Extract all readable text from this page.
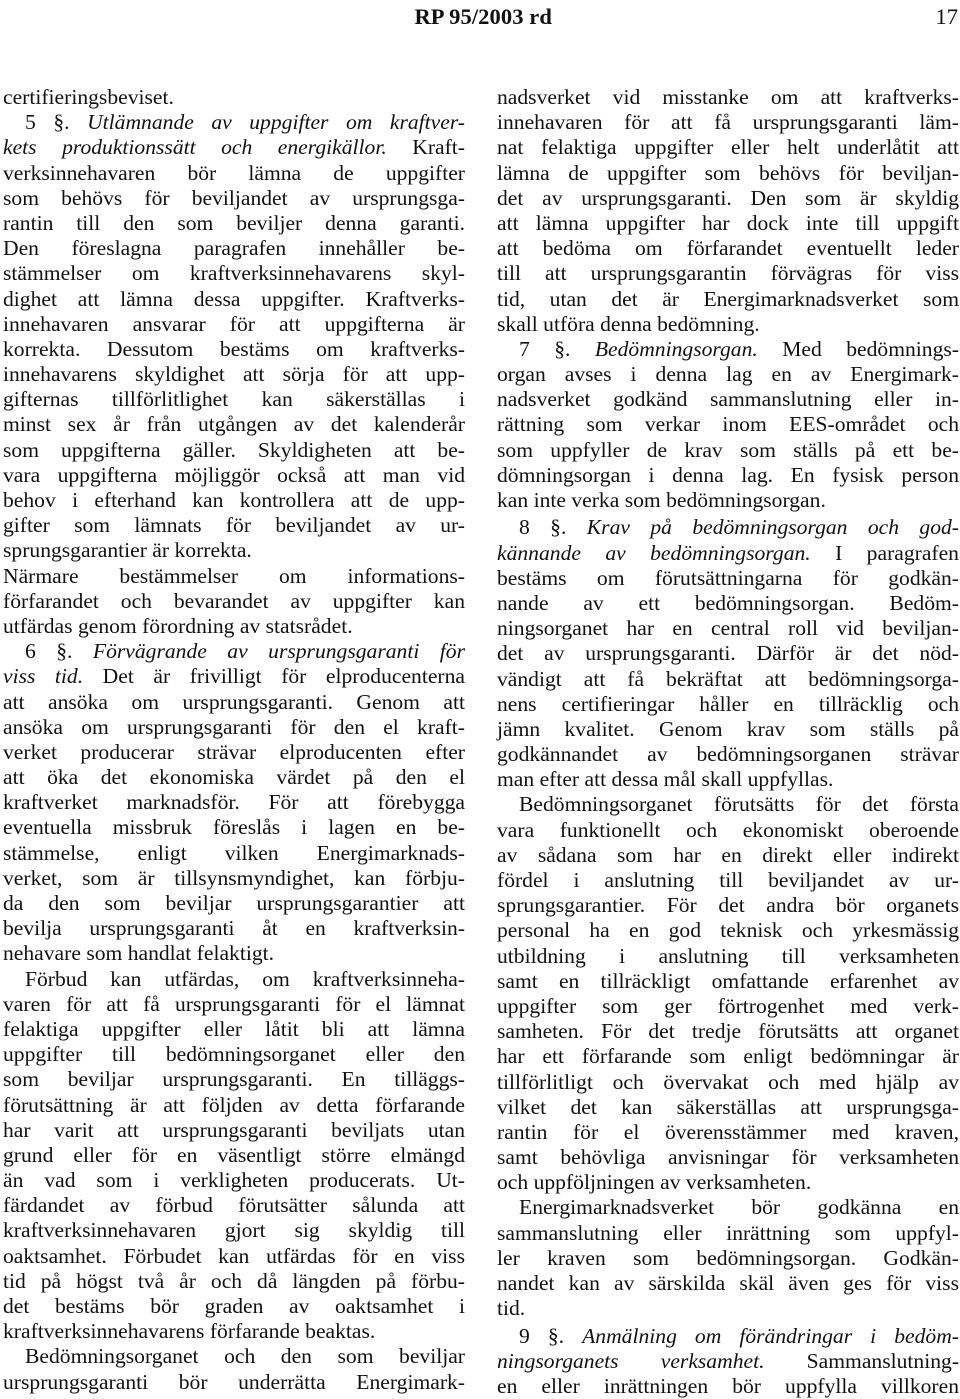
RP 95/2003 rd	17
certifieringsbeviset.
5 §. Utlämnande av uppgifter om kraftver-
kets produktionssätt och energikällor. Kraft-
verksinnehavaren bör lämna de uppgifter
som behövs för beviljandet av ursprungsga-
rantin till den som beviljer denna garanti.
Den föreslagna paragrafen innehåller be-
stämmelser om kraftverksinnehavarens skyl-
dighet att lämna dessa uppgifter. Kraftverks-
innehavaren ansvarar för att uppgifterna är
korrekta. Dessutom bestäms om kraftverks-
innehavarens skyldighet att sörja för att upp-
gifternas tillförlitlighet kan säkerställas i
minst sex år från utgången av det kalenderår
som uppgifterna gäller. Skyldigheten att be-
vara uppgifterna möjliggör också att man vid
behov i efterhand kan kontrollera att de upp-
gifter som lämnats för beviljandet av ur-
sprungsgarantier är korrekta.
Närmare bestämmelser om informations-
förfarandet och bevarandet av uppgifter kan
utfärdas genom förordning av statsrådet.
6 §. Förvägrande av ursprungsgaranti för
viss tid. Det är frivilligt för elproducenterna
att ansöka om ursprungsgaranti. Genom att
ansöka om ursprungsgaranti för den el kraft-
verket producerar strävar elproducenten efter
att öka det ekonomiska värdet på den el
kraftverket marknadsför. För att förebygga
eventuella missbruk föreslås i lagen en be-
stämmelse, enligt vilken Energimarknads-
verket, som är tillsynsmyndighet, kan förbju-
da den som beviljar ursprungsgarantier att
bevilja ursprungsgaranti åt en kraftverksin-
nehavare som handlat felaktigt.
Förbud kan utfärdas, om kraftverksinneha-
varen för att få ursprungsgaranti för el lämnat
felaktiga uppgifter eller låtit bli att lämna
uppgifter till bedömningsorganet eller den
som beviljar ursprungsgaranti. En tilläggs-
förutsättning är att följden av detta förfarande
har varit att ursprungsgaranti beviljats utan
grund eller för en väsentligt större elmängd
än vad som i verkligheten producerats. Ut-
färdandet av förbud förutsätter sålunda att
kraftverksinnehavaren gjort sig skyldig till
oaktsamhet. Förbudet kan utfärdas för en viss
tid på högst två år och då längden på förbu-
det bestäms bör graden av oaktsamhet i
kraftverksinnehavarens förfarande beaktas.
Bedömningsorganet och den som beviljar
ursprungsgaranti bör underrätta Energimark-
nadsverket vid misstanke om att kraftverks-
innehavaren för att få ursprungsgaranti läm-
nat felaktiga uppgifter eller helt underlåtit att
lämna de uppgifter som behövs för beviljan-
det av ursprungsgaranti. Den som är skyldig
att lämna uppgifter har dock inte till uppgift
att bedöma om förfarandet eventuellt leder
till att ursprungsgarantin förvägras för viss
tid, utan det är Energimarknadsverket som
skall utföra denna bedömning.
7 §. Bedömningsorgan. Med bedömnings-
organ avses i denna lag en av Energimark-
nadsverket godkänd sammanslutning eller in-
rättning som verkar inom EES-området och
som uppfyller de krav som ställs på ett be-
dömningsorgan i denna lag. En fysisk person
kan inte verka som bedömningsorgan.
8 §. Krav på bedömningsorgan och god-
kännande av bedömningsorgan. I paragrafen
bestäms om förutsättningarna för godkän-
nande av ett bedömningsorgan. Bedöm-
ningsorganet har en central roll vid beviljan-
det av ursprungsgaranti. Därför är det nöd-
vändigt att få bekräftat att bedömningsorga-
nens certifieringar håller en tillräcklig och
jämn kvalitet. Genom krav som ställs på
godkännandet av bedömningsorganen strävar
man efter att dessa mål skall uppfyllas.
Bedömningsorganet förutsätts för det första
vara funktionellt och ekonomiskt oberoende
av sådana som har en direkt eller indirekt
fördel i anslutning till beviljandet av ur-
sprungsgarantier. För det andra bör organets
personal ha en god teknisk och yrkesmässig
utbildning i anslutning till verksamheten
samt en tillräckligt omfattande erfarenhet av
uppgifter som ger förtrogenhet med verk-
samheten. För det tredje förutsätts att organet
har ett förfarande som enligt bedömningar är
tillförlitligt och övervakat och med hjälp av
vilket det kan säkerställas att ursprungsga-
rantin för el överensstämmer med kraven,
samt behövliga anvisningar för verksamheten
och uppföljningen av verksamheten.
Energimarknadsverket bör godkänna en
sammanslutning eller inrättning som uppfyl-
ler kraven som bedömningsorgan. Godkän-
nandet kan av särskilda skäl även ges för viss
tid.
9 §. Anmälning om förändringar i bedöm-
ningsorganets verksamhet. Sammanslutning-
en eller inrättningen bör uppfylla villkoren
